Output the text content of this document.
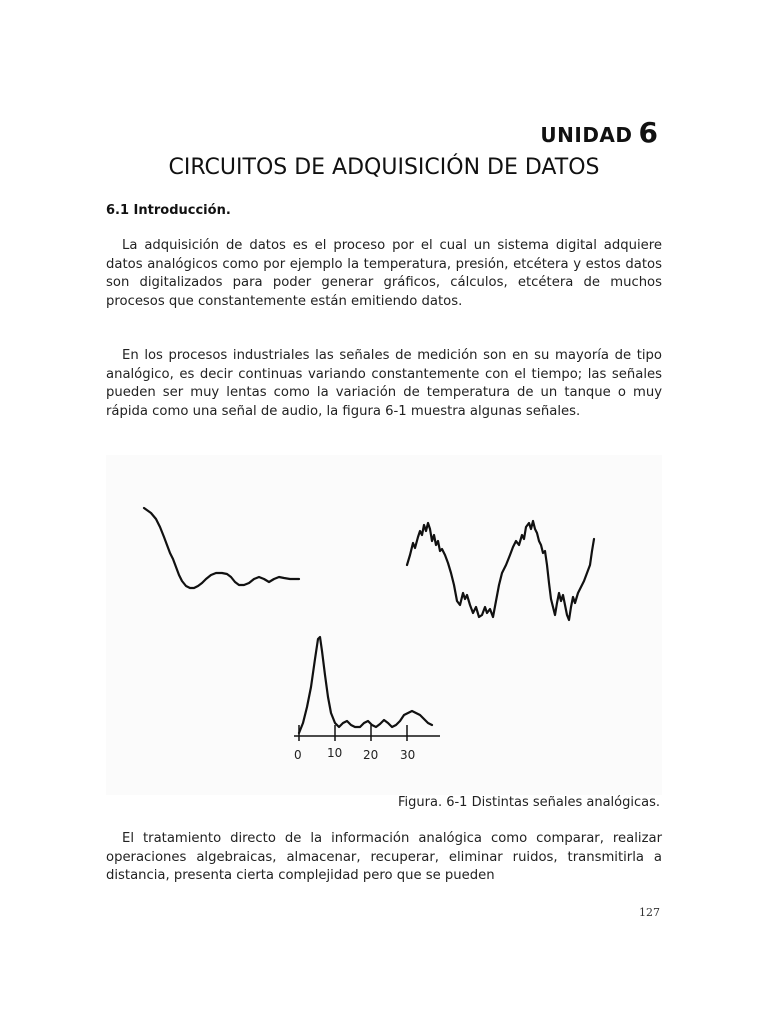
UNIDAD 6
CIRCUITOS DE ADQUISICIÓN DE DATOS
6.1 Introducción.

La adquisición de datos es el proceso por el cual un sistema digital adquiere datos analógicos como por ejemplo la temperatura, presión, etcétera y estos datos son digitalizados para poder generar gráficos, cálculos, etcétera de muchos procesos que constantemente están emitiendo datos.

En los procesos industriales las señales de medición son en su mayoría de tipo analógico, es decir continuas variando constantemente con el tiempo; las señales pueden ser muy lentas como la variación de temperatura de un tanque o muy rápida como una señal de audio, la figura 6-1 muestra algunas señales.

0 10 20 30
Figura. 6-1 Distintas señales analógicas.

El tratamiento directo de la información analógica como comparar, realizar operaciones algebraicas, almacenar, recuperar, eliminar ruidos, transmitirla a distancia, presenta cierta complejidad pero que se pueden

127
